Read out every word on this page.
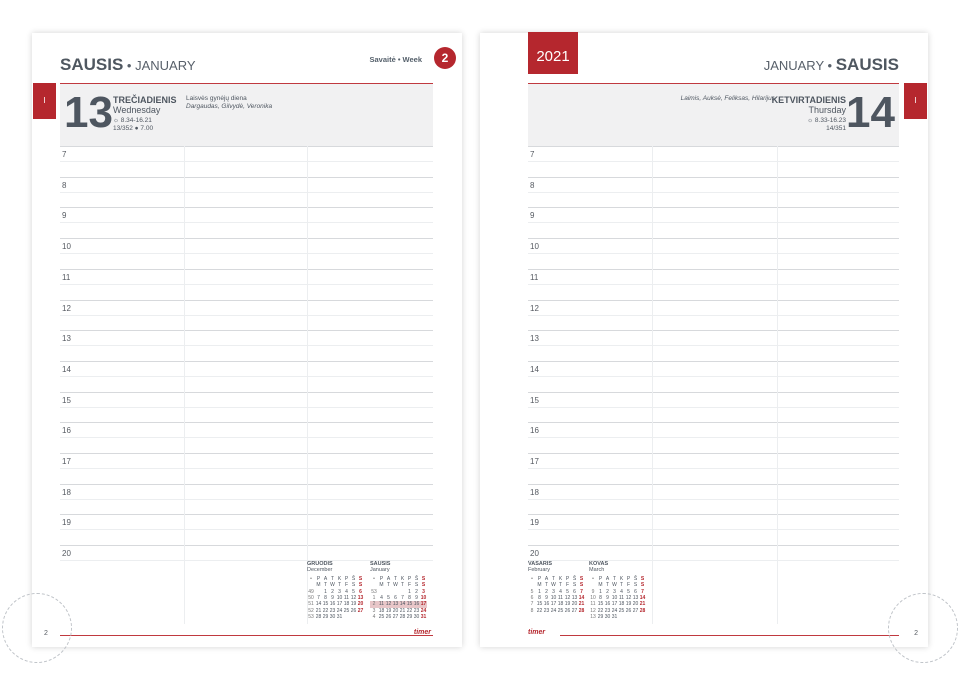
SAUSIS • JANUARY	Savaitė • Week	2
13 TREČIADIENIS
Wednesday
☼ 8.34-16.21
13/352 ● 7.00
Laisvės gynėjų diena
Dargaudas, Gilvydė, Veronika
7
8
9
10
11
12
13
14
15
16
17
18
19
20
GRUODIS
December
•	P	A	T	K	P	Š	S
	M	T	W	T	F	S	S
49		1	2	3	4	5	6
50	7	8	9	10	11	12	13
51	14	15	16	17	18	19	20
52	21	22	23	24	25	26	27
53	28	29	30	31			
SAUSIS
January
•	P	A	T	K	P	Š	S
	M	T	W	T	F	S	S
53					1	2	3
1	4	5	6	7	8	9	10
2	11	12	13	14	15	16	17
3	18	19	20	21	22	23	24
4	25	26	27	28	29	30	31
2	timer
I
2021
JANUARY • SAUSIS
14
KETVIRTADIENIS
Thursday
☼ 8.33-16.23
14/351
Laimis, Auksė, Feliksas, Hilarijus
7
8
9
10
11
12
13
14
15
16
17
18
19
20
VASARIS
February
•	P	A	T	K	P	Š	S
	M	T	W	T	F	S	S
5	1	2	3	4	5	6	7
6	8	9	10	11	12	13	14
7	15	16	17	18	19	20	21
8	22	23	24	25	26	27	28
KOVAS
March
•	P	A	T	K	P	Š	S
	M	T	W	T	F	S	S
9	1	2	3	4	5	6	7
10	8	9	10	11	12	13	14
11	15	16	17	18	19	20	21
12	22	23	24	25	26	27	28
13	29	30	31				
timer	2
I
